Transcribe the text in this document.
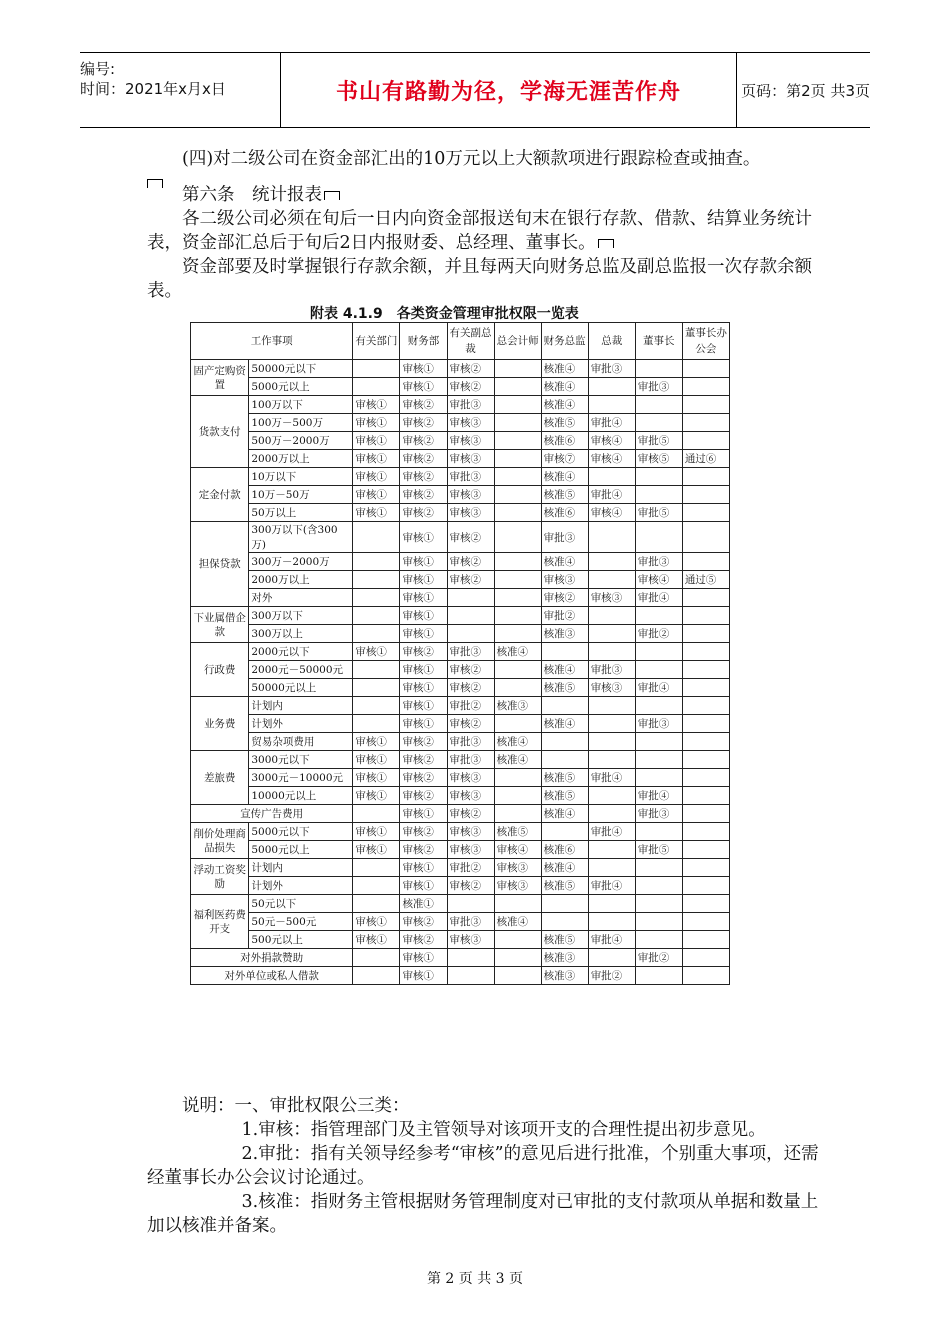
编号:
时间：2021年x月x日	书山有路勤为径，学海无涯苦作舟	页码：第2页 共3页

(四)对二级公司在资金部汇出的10万元以上大额款项进行跟踪检查或抽查。

第六条　统计报表

各二级公司必须在旬后一日内向资金部报送旬末在银行存款、借款、结算业务统计表，资金部汇总后于旬后2日内报财委、总经理、董事长。

资金部要及时掌握银行存款余额，并且每两天向财务总监及副总监报一次存款余额表。

附表 4.1.9　各类资金管理审批权限一览表
工作事项		有关部门	财务部	有关副总裁	总会计师	财务总监	总裁	董事长	董事长办公会
固产定购资置	50000元以下		审核①	审核②		核准④	审批③		
	5000元以上		审核①	审核②		核准④		审批③	
货款支付	100万以下	审核①	审核②	审批③		核准④			
	100万－500万	审核①	审核②	审核③		核准⑤	审批④		
	500万－2000万	审核①	审核②	审核③		核准⑥	审核④	审批⑤	
	2000万以上	审核①	审核②	审核③		审核⑦	审核④	审核⑤	通过⑥
定金付款	10万以下	审核①	审核②	审批③		核准④			
	10万－50万	审核①	审核②	审核③		核准⑤	审批④		
	50万以上	审核①	审核②	审核③		核准⑥	审核④	审批⑤	
担保贷款	300万以下(含300万)		审核①	审核②		审批③			
	300万－2000万		审核①	审核②		核准④		审批③	
	2000万以上		审核①	审核②		审核③		审核④	通过⑤
	对外		审核①			审核②	审核③	审批④	
下业属借企款	300万以下		审核①			审批②			
	300万以上		审核①			核准③		审批②	
行政费	2000元以下	审核①	审核②	审批③	核准④				
	2000元－50000元		审核①	审核②		核准④	审批③		
	50000元以上		审核①	审核②		核准⑤	审核③	审批④	
业务费	计划内		审核①	审批②	核准③				
	计划外		审核①	审核②		核准④		审批③	
	贸易杂项费用	审核①	审核②	审批③	核准④				
差旅费	3000元以下	审核①	审核②	审批③	核准④				
	3000元－10000元	审核①	审核②	审核③		核准⑤	审批④		
	10000元以上	审核①	审核②	审核③		核准⑤		审批④	
宣传广告费用			审核①	审核②		核准④		审批③	
削价处理商品损失	5000元以下	审核①	审核②	审核③	核准⑤		审批④		
	5000元以上	审核①	审核②	审核③	审核④	核准⑥		审批⑤	
浮动工资奖励	计划内		审核①	审批②	审核③	核准④			
	计划外		审核①	审核②	审核③	核准⑤	审批④		
福利医药费 开支	50元以下		核准①						
	50元－500元	审核①	审核②	审批③	核准④				
	500元以上	审核①	审核②	审核③		核准⑤	审批④		
对外捐款赞助			审核①			核准③		审批②	
对外单位或私人借款			审核①			核准③	审批②		

说明：一、审批权限公三类：

1.审核：指管理部门及主管领导对该项开支的合理性提出初步意见。

2.审批：指有关领导经参考“审核”的意见后进行批准，个别重大事项，还需经董事长办公会议讨论通过。

3.核准：指财务主管根据财务管理制度对已审批的支付款项从单据和数量上加以核准并备案。

第 2 页 共 3 页
